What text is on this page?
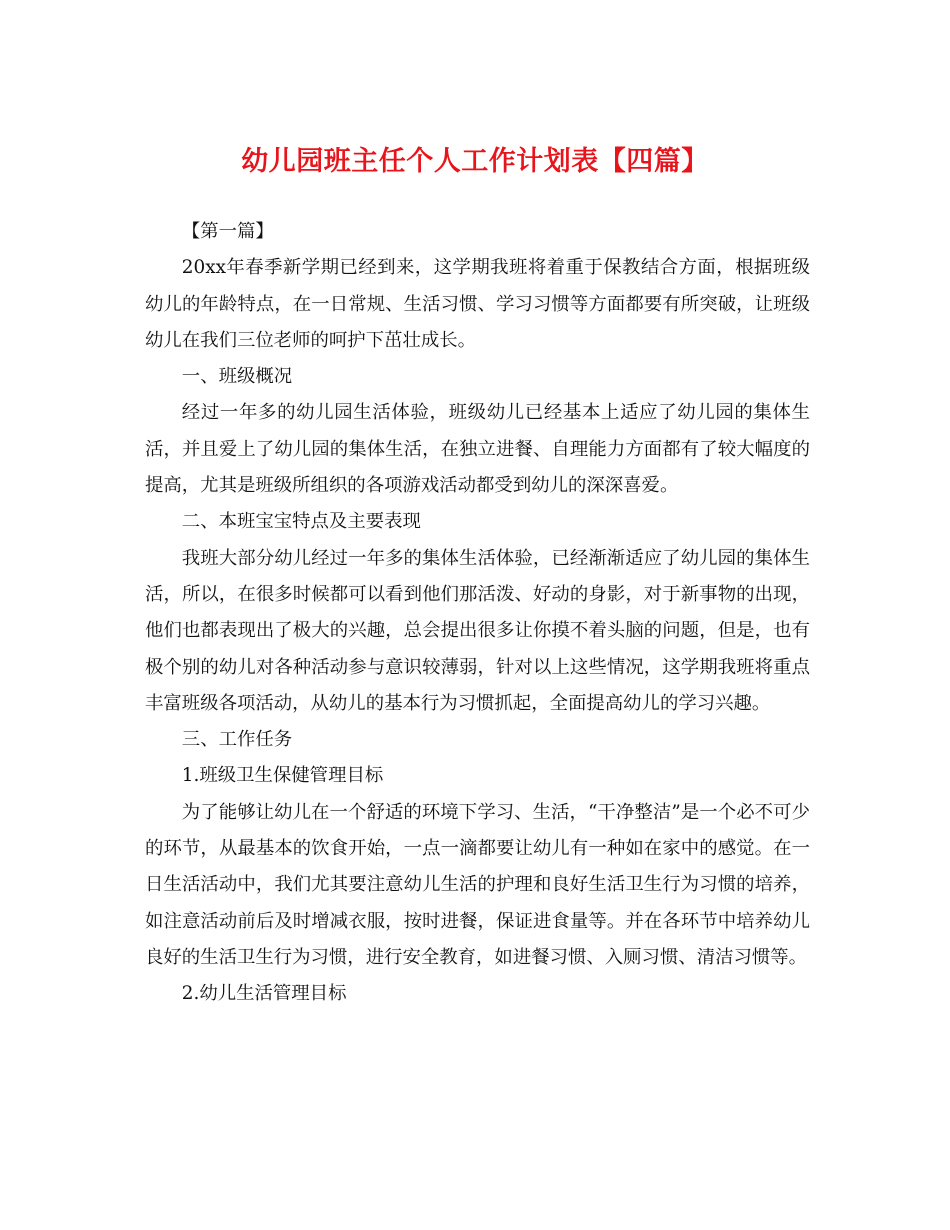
幼儿园班主任个人工作计划表【四篇】

【第一篇】

20xx年春季新学期已经到来，这学期我班将着重于保教结合方面，根据班级幼儿的年龄特点，在一日常规、生活习惯、学习习惯等方面都要有所突破，让班级幼儿在我们三位老师的呵护下茁壮成长。

一、班级概况

经过一年多的幼儿园生活体验，班级幼儿已经基本上适应了幼儿园的集体生活，并且爱上了幼儿园的集体生活，在独立进餐、自理能力方面都有了较大幅度的提高，尤其是班级所组织的各项游戏活动都受到幼儿的深深喜爱。

二、本班宝宝特点及主要表现

我班大部分幼儿经过一年多的集体生活体验，已经渐渐适应了幼儿园的集体生活，所以，在很多时候都可以看到他们那活泼、好动的身影，对于新事物的出现，他们也都表现出了极大的兴趣，总会提出很多让你摸不着头脑的问题，但是，也有极个别的幼儿对各种活动参与意识较薄弱，针对以上这些情况，这学期我班将重点丰富班级各项活动，从幼儿的基本行为习惯抓起，全面提高幼儿的学习兴趣。

三、工作任务

1.班级卫生保健管理目标

为了能够让幼儿在一个舒适的环境下学习、生活，“干净整洁”是一个必不可少的环节，从最基本的饮食开始，一点一滴都要让幼儿有一种如在家中的感觉。在一日生活活动中，我们尤其要注意幼儿生活的护理和良好生活卫生行为习惯的培养，如注意活动前后及时增减衣服，按时进餐，保证进食量等。并在各环节中培养幼儿良好的生活卫生行为习惯，进行安全教育，如进餐习惯、入厕习惯、清洁习惯等。

2.幼儿生活管理目标
